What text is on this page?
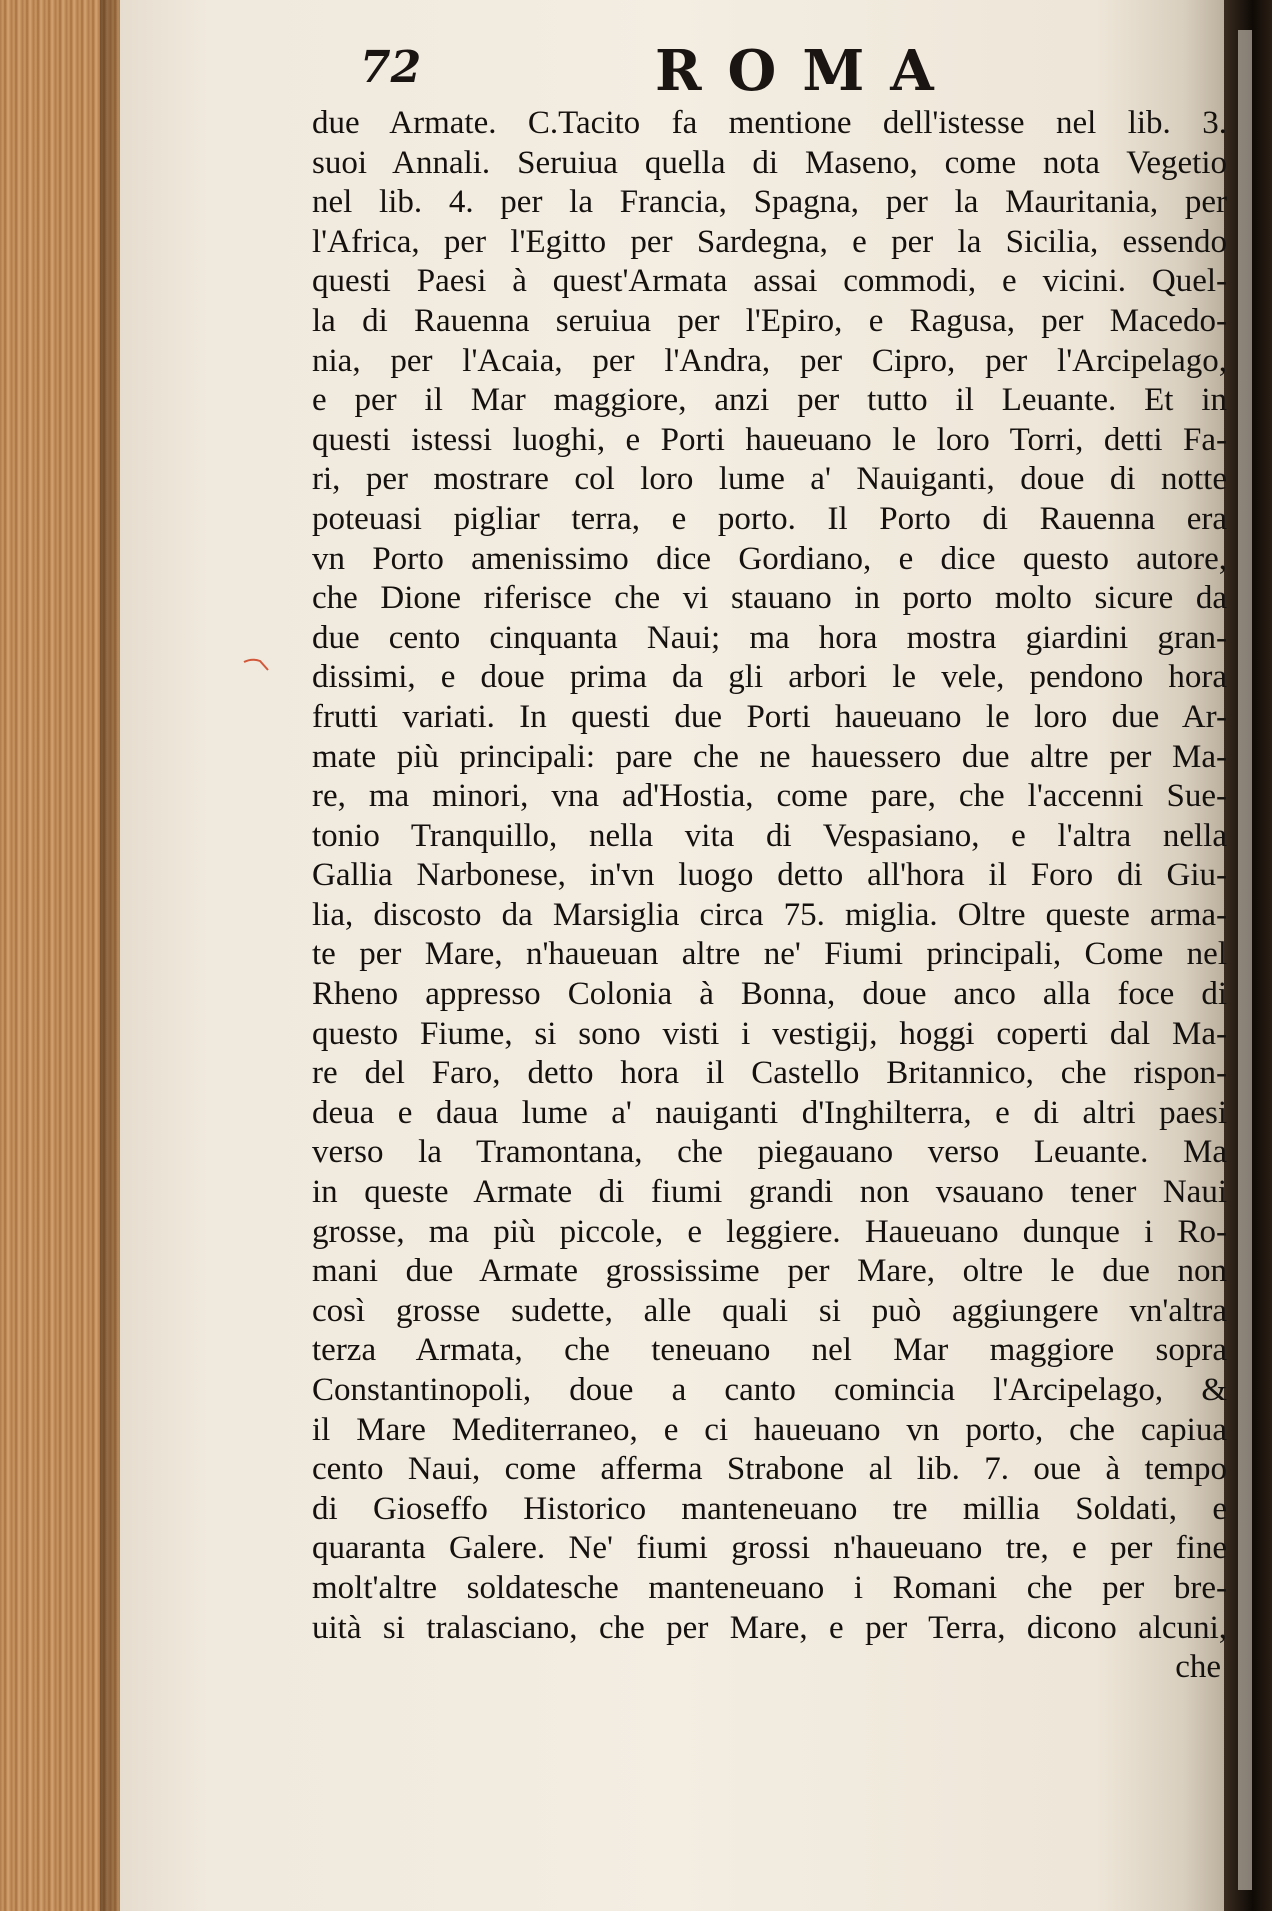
72	ROMA
due Armate. C.Tacito fa mentione dell'istesse nel lib. 3.
suoi Annali. Seruiua quella di Maseno, come nota Vegetio
nel lib. 4. per la Francia, Spagna, per la Mauritania, per
l'Africa, per l'Egitto per Sardegna, e per la Sicilia, essendo
questi Paesi à quest'Armata assai commodi, e vicini. Quel-
la di Rauenna seruiua per l'Epiro, e Ragusa, per Macedo-
nia, per l'Acaia, per l'Andra, per Cipro, per l'Arcipelago,
e per il Mar maggiore, anzi per tutto il Leuante. Et in
questi istessi luoghi, e Porti haueuano le loro Torri, detti Fa-
ri, per mostrare col loro lume a' Nauiganti, doue di notte
poteuasi pigliar terra, e porto. Il Porto di Rauenna era
vn Porto amenissimo dice Gordiano, e dice questo autore,
che Dione riferisce che vi stauano in porto molto sicure da
due cento cinquanta Naui; ma hora mostra giardini gran-
dissimi, e doue prima da gli arbori le vele, pendono hora
frutti variati. In questi due Porti haueuano le loro due Ar-
mate più principali: pare che ne hauessero due altre per Ma-
re, ma minori, vna ad'Hostia, come pare, che l'accenni Sue-
tonio Tranquillo, nella vita di Vespasiano, e l'altra nella
Gallia Narbonese, in'vn luogo detto all'hora il Foro di Giu-
lia, discosto da Marsiglia circa 75. miglia. Oltre queste arma-
te per Mare, n'haueuan altre ne' Fiumi principali, Come nel
Rheno appresso Colonia à Bonna, doue anco alla foce di
questo Fiume, si sono visti i vestigij, hoggi coperti dal Ma-
re del Faro, detto hora il Castello Britannico, che rispon-
deua e daua lume a' nauiganti d'Inghilterra, e di altri paesi
verso la Tramontana, che piegauano verso Leuante. Ma
in queste Armate di fiumi grandi non vsauano tener Naui
grosse, ma più piccole, e leggiere. Haueuano dunque i Ro-
mani due Armate grossissime per Mare, oltre le due non
così grosse sudette, alle quali si può aggiungere vn'altra
terza Armata, che teneuano nel Mar maggiore sopra
Constantinopoli, doue a canto comincia l'Arcipelago, &
il Mare Mediterraneo, e ci haueuano vn porto, che capiua
cento Naui, come afferma Strabone al lib. 7. oue à tempo
di Gioseffo Historico manteneuano tre millia Soldati, e
quaranta Galere. Ne' fiumi grossi n'haueuano tre, e per fine
molt'altre soldatesche manteneuano i Romani che per bre-
uità si tralasciano, che per Mare, e per Terra, dicono alcuni,
che
